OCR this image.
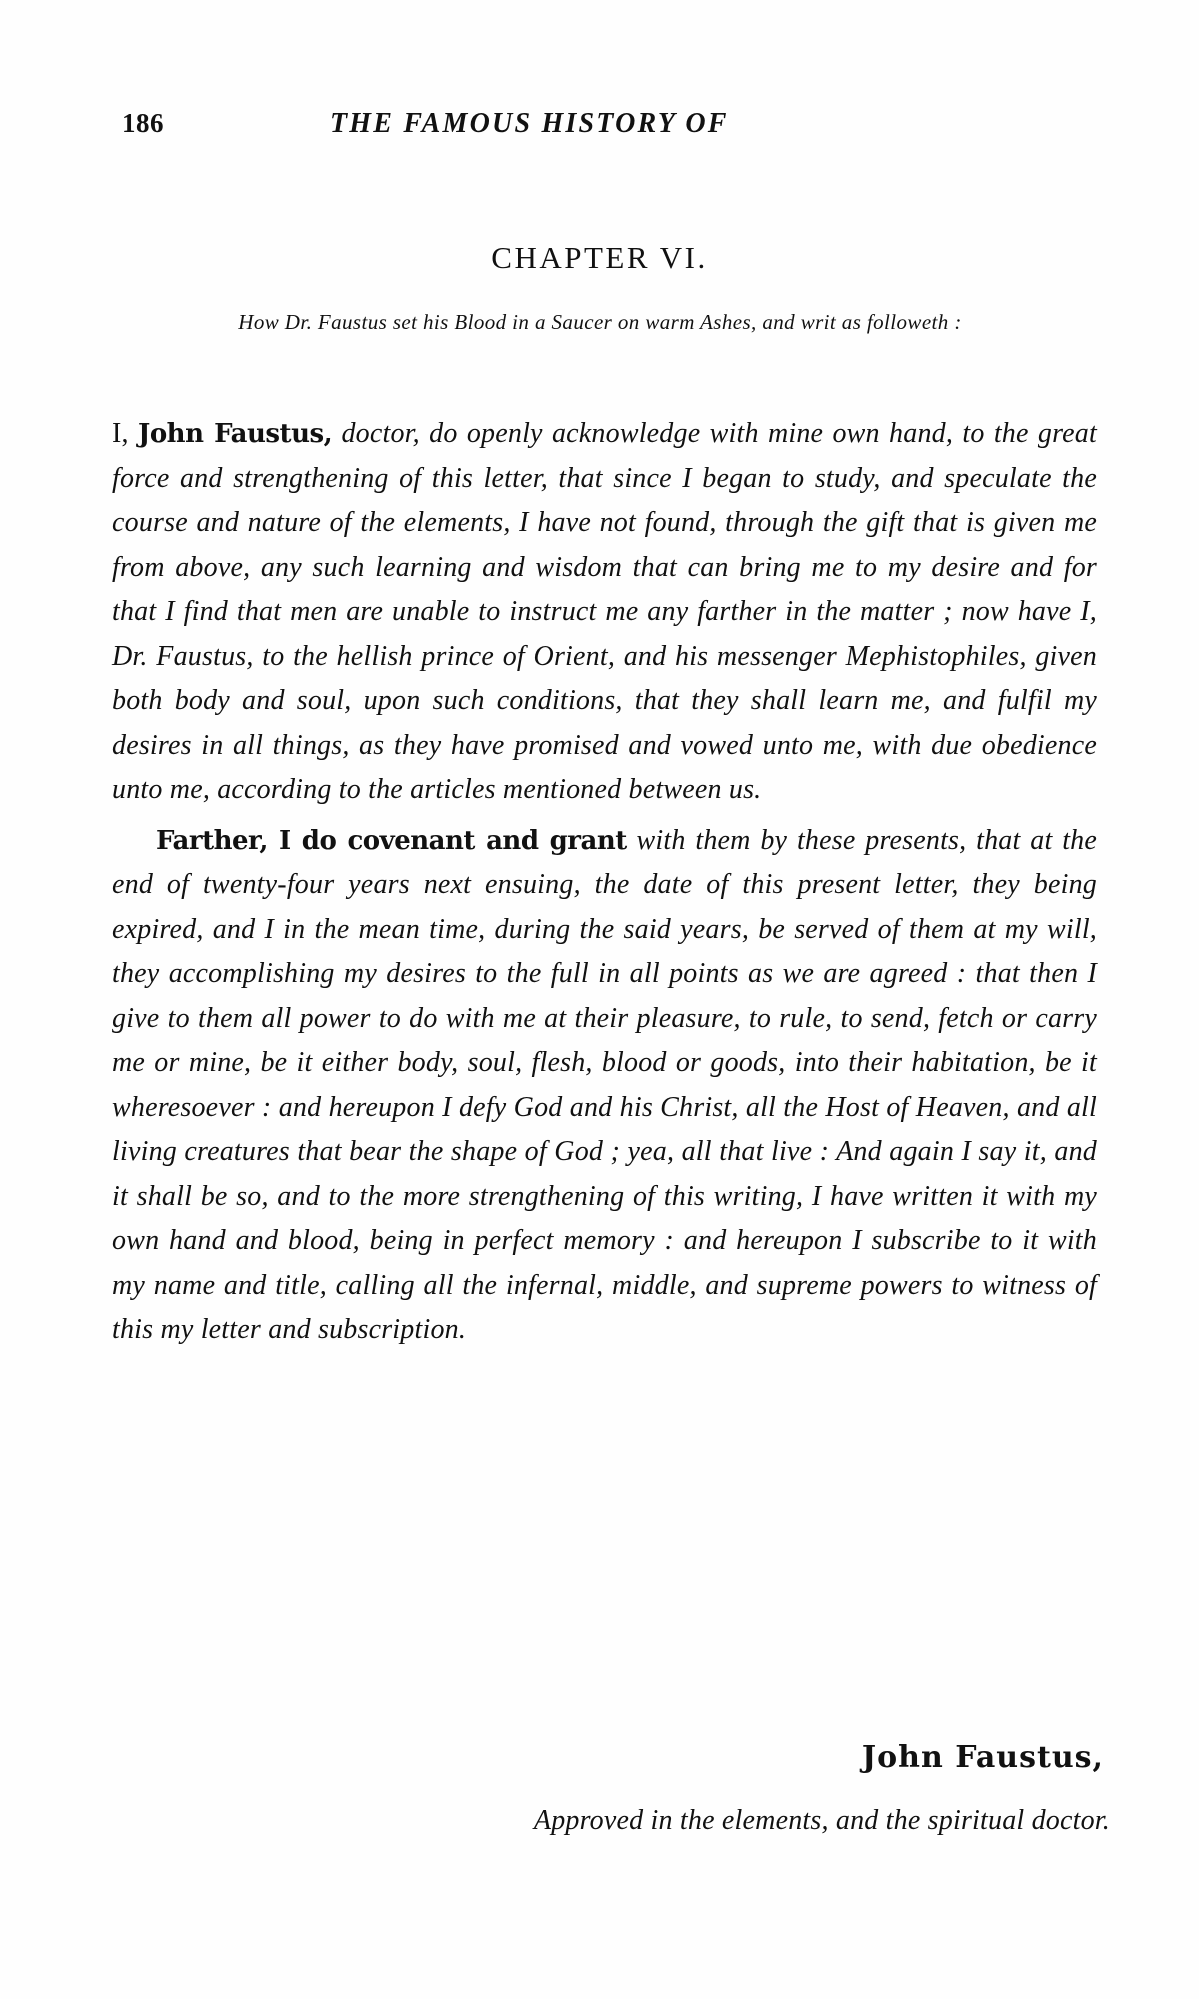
186	THE FAMOUS HISTORY OF
CHAPTER VI.
How Dr. Faustus set his Blood in a Saucer on warm Ashes, and writ as followeth :

I, John Faustus, doctor, do openly acknowledge with mine own hand, to the great force and strengthening of this letter, that since I began to study, and speculate the course and nature of the elements, I have not found, through the gift that is given me from above, any such learning and wisdom that can bring me to my desire and for that I find that men are unable to instruct me any farther in the matter ; now have I, Dr. Faustus, to the hellish prince of Orient, and his messenger Mephistophiles, given both body and soul, upon such conditions, that they shall learn me, and fulfil my desires in all things, as they have promised and vowed unto me, with due obedience unto me, according to the articles mentioned between us.

Farther, I do covenant and grant with them by these presents, that at the end of twenty-four years next ensuing, the date of this present letter, they being expired, and I in the mean time, during the said years, be served of them at my will, they accomplishing my desires to the full in all points as we are agreed : that then I give to them all power to do with me at their pleasure, to rule, to send, fetch or carry me or mine, be it either body, soul, flesh, blood or goods, into their habitation, be it wheresoever : and hereupon I defy God and his Christ, all the Host of Heaven, and all living creatures that bear the shape of God ; yea, all that live : And again I say it, and it shall be so, and to the more strengthening of this writing, I have written it with my own hand and blood, being in perfect memory : and hereupon I subscribe to it with my name and title, calling all the infernal, middle, and supreme powers to witness of this my letter and subscription.

John Faustus,
Approved in the elements, and the spiritual doctor.
